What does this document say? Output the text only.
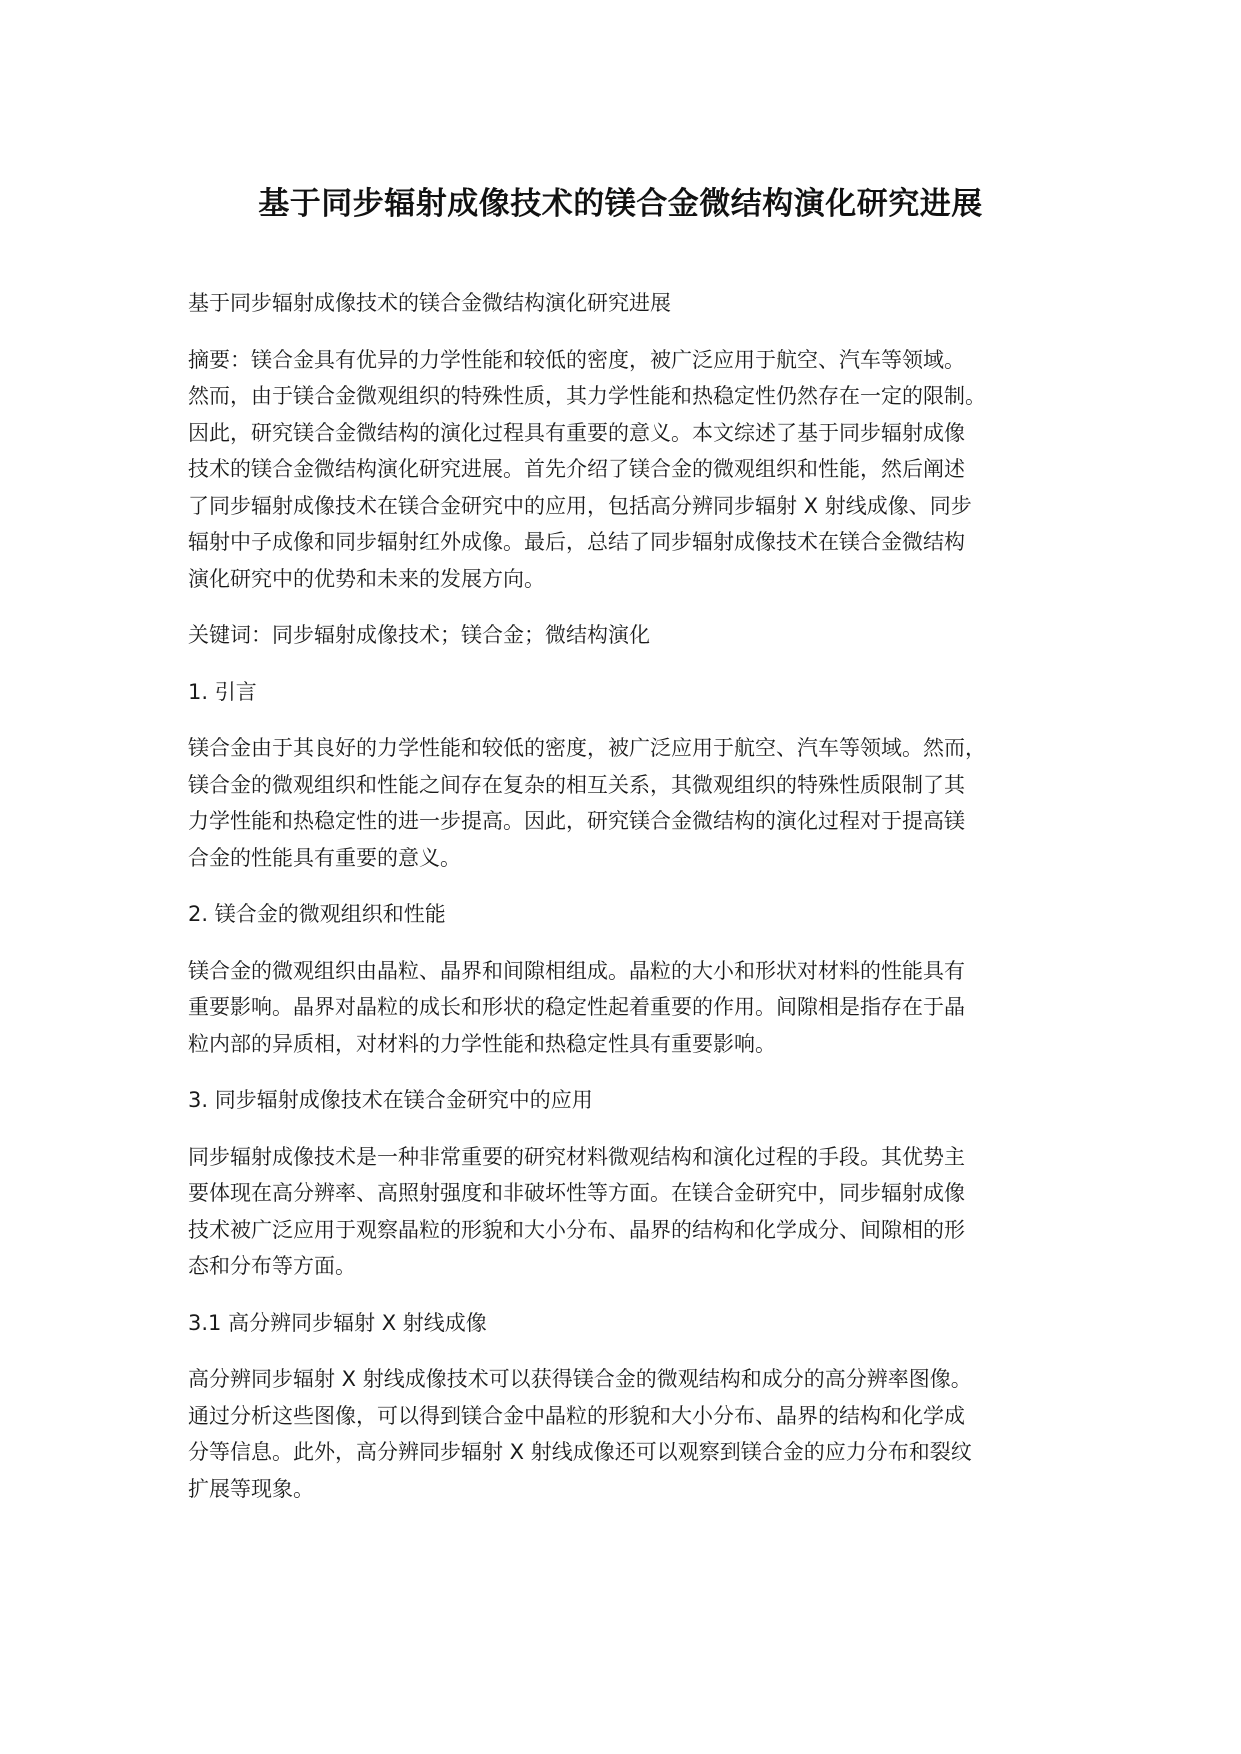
基于同步辐射成像技术的镁合金微结构演化研究进展

基于同步辐射成像技术的镁合金微结构演化研究进展

摘要：镁合金具有优异的力学性能和较低的密度，被广泛应用于航空、汽车等领域。
然而，由于镁合金微观组织的特殊性质，其力学性能和热稳定性仍然存在一定的限制。
因此，研究镁合金微结构的演化过程具有重要的意义。本文综述了基于同步辐射成像
技术的镁合金微结构演化研究进展。首先介绍了镁合金的微观组织和性能，然后阐述
了同步辐射成像技术在镁合金研究中的应用，包括高分辨同步辐射 X 射线成像、同步
辐射中子成像和同步辐射红外成像。最后，总结了同步辐射成像技术在镁合金微结构
演化研究中的优势和未来的发展方向。

关键词：同步辐射成像技术；镁合金；微结构演化

1. 引言

镁合金由于其良好的力学性能和较低的密度，被广泛应用于航空、汽车等领域。然而，
镁合金的微观组织和性能之间存在复杂的相互关系，其微观组织的特殊性质限制了其
力学性能和热稳定性的进一步提高。因此，研究镁合金微结构的演化过程对于提高镁
合金的性能具有重要的意义。

2. 镁合金的微观组织和性能

镁合金的微观组织由晶粒、晶界和间隙相组成。晶粒的大小和形状对材料的性能具有
重要影响。晶界对晶粒的成长和形状的稳定性起着重要的作用。间隙相是指存在于晶
粒内部的异质相，对材料的力学性能和热稳定性具有重要影响。

3. 同步辐射成像技术在镁合金研究中的应用

同步辐射成像技术是一种非常重要的研究材料微观结构和演化过程的手段。其优势主
要体现在高分辨率、高照射强度和非破坏性等方面。在镁合金研究中，同步辐射成像
技术被广泛应用于观察晶粒的形貌和大小分布、晶界的结构和化学成分、间隙相的形
态和分布等方面。

3.1 高分辨同步辐射 X 射线成像

高分辨同步辐射 X 射线成像技术可以获得镁合金的微观结构和成分的高分辨率图像。
通过分析这些图像，可以得到镁合金中晶粒的形貌和大小分布、晶界的结构和化学成
分等信息。此外，高分辨同步辐射 X 射线成像还可以观察到镁合金的应力分布和裂纹
扩展等现象。
